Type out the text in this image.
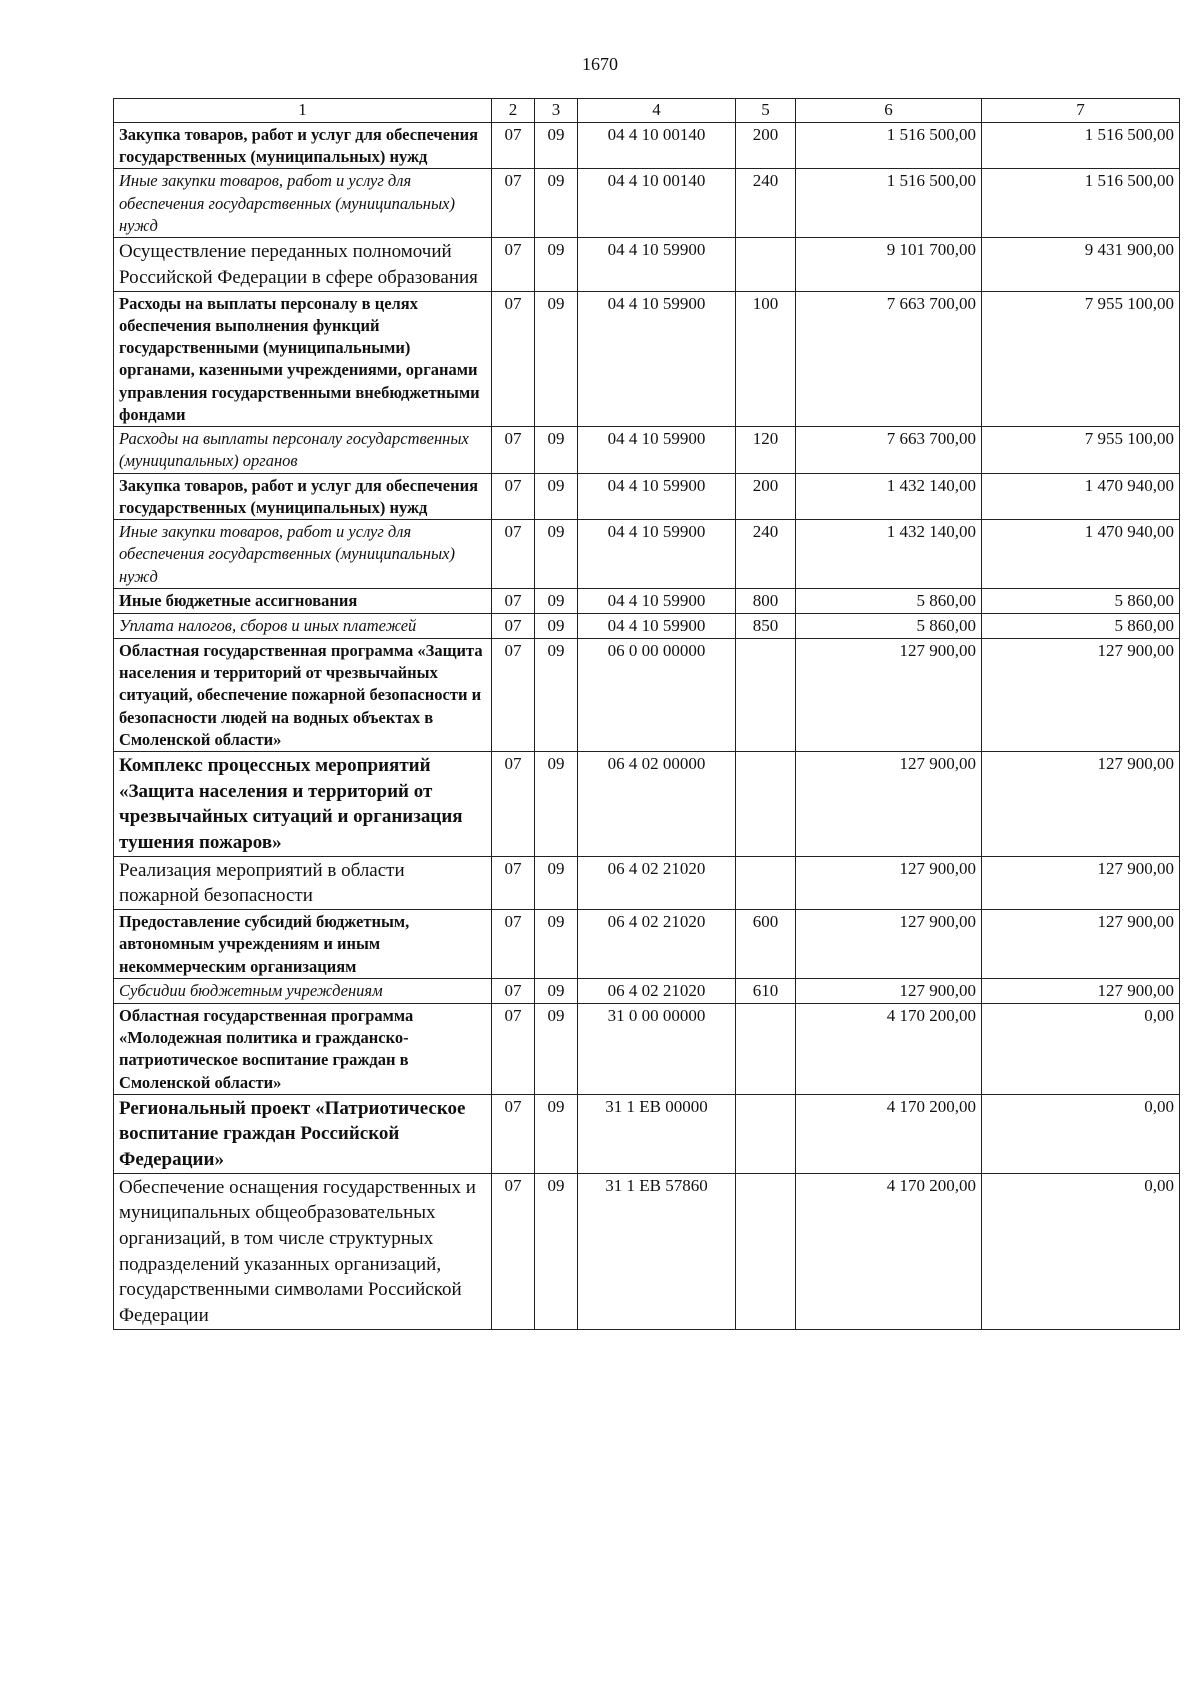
1670
1	2	3	4	5	6	7
Закупка товаров, работ и услуг для обеспечения государственных (муниципальных) нужд	07	09	04 4 10 00140	200	1 516 500,00	1 516 500,00
Иные закупки товаров, работ и услуг для обеспечения государственных (муниципальных) нужд	07	09	04 4 10 00140	240	1 516 500,00	1 516 500,00
Осуществление переданных полномочий Российской Федерации в сфере образования	07	09	04 4 10 59900		9 101 700,00	9 431 900,00
Расходы на выплаты персоналу в целях обеспечения выполнения функций государственными (муниципальными) органами, казенными учреждениями, органами управления государственными внебюджетными фондами	07	09	04 4 10 59900	100	7 663 700,00	7 955 100,00
Расходы на выплаты персоналу государственных (муниципальных) органов	07	09	04 4 10 59900	120	7 663 700,00	7 955 100,00
Закупка товаров, работ и услуг для обеспечения государственных (муниципальных) нужд	07	09	04 4 10 59900	200	1 432 140,00	1 470 940,00
Иные закупки товаров, работ и услуг для обеспечения государственных (муниципальных) нужд	07	09	04 4 10 59900	240	1 432 140,00	1 470 940,00
Иные бюджетные ассигнования	07	09	04 4 10 59900	800	5 860,00	5 860,00
Уплата налогов, сборов и иных платежей	07	09	04 4 10 59900	850	5 860,00	5 860,00
Областная государственная программа «Защита населения и территорий от чрезвычайных ситуаций, обеспечение пожарной безопасности и безопасности людей на водных объектах в Смоленской области»	07	09	06 0 00 00000		127 900,00	127 900,00
Комплекс процессных мероприятий «Защита населения и территорий от чрезвычайных ситуаций и организация тушения пожаров»	07	09	06 4 02 00000		127 900,00	127 900,00
Реализация мероприятий в области пожарной безопасности	07	09	06 4 02 21020		127 900,00	127 900,00
Предоставление субсидий бюджетным, автономным учреждениям и иным некоммерческим организациям	07	09	06 4 02 21020	600	127 900,00	127 900,00
Субсидии бюджетным учреждениям	07	09	06 4 02 21020	610	127 900,00	127 900,00
Областная государственная программа «Молодежная политика и гражданско-патриотическое воспитание граждан в Смоленской области»	07	09	31 0 00 00000		4 170 200,00	0,00
Региональный проект «Патриотическое воспитание граждан Российской Федерации»	07	09	31 1 ЕВ 00000		4 170 200,00	0,00
Обеспечение оснащения государственных и муниципальных общеобразовательных организаций, в том числе структурных подразделений указанных организаций, государственными символами Российской Федерации	07	09	31 1 ЕВ 57860		4 170 200,00	0,00
